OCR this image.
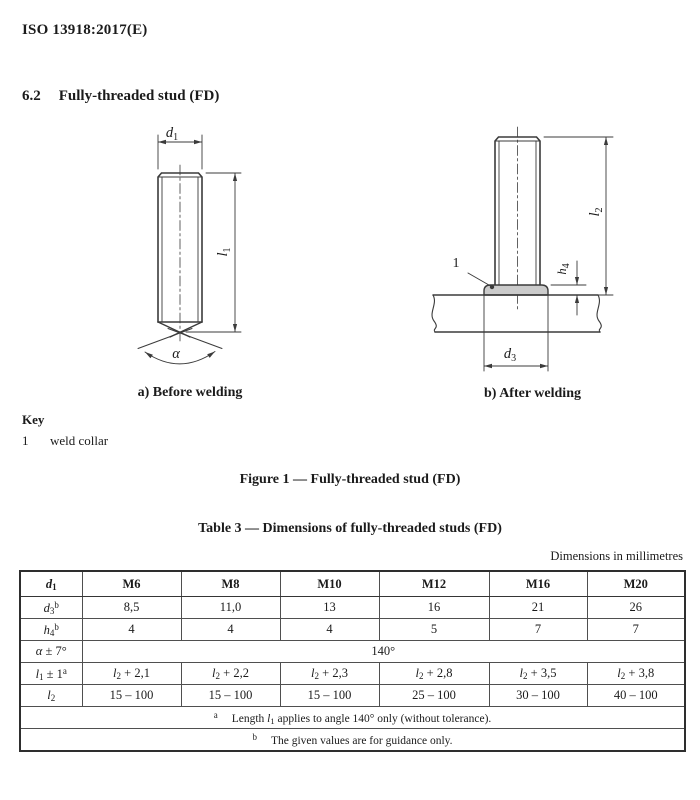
ISO 13918:2017(E)
6.2 Fully-threaded stud (FD)
$d_1$
$l_1$
α
$l_2$
$h_4$
$d_3$
1
a) Before welding	b) After welding
Key
1 weld collar
Figure 1 — Fully-threaded stud (FD)
Table 3 — Dimensions of fully-threaded studs (FD)
Dimensions in millimetres
$d_1$	M6	M8	M10	M12	M16	M20
$d_3^b$	8,5	11,0	13	16	21	26
$h_4^b$	4	4	4	5	7	7
α ± 7°	140°					
$l_1 \pm 1^a$	$l_2 + 2,1$	$l_2 + 2,2$	$l_2 + 2,3$	$l_2 + 2,8$	$l_2 + 3,5$	$l_2 + 3,8$
$l_2$	15 – 100	15 – 100	15 – 100	25 – 100	30 – 100	40 – 100
$^a$ Length $l_1$ applies to angle 140° only (without tolerance).						
$^b$ The given values are for guidance only.						
